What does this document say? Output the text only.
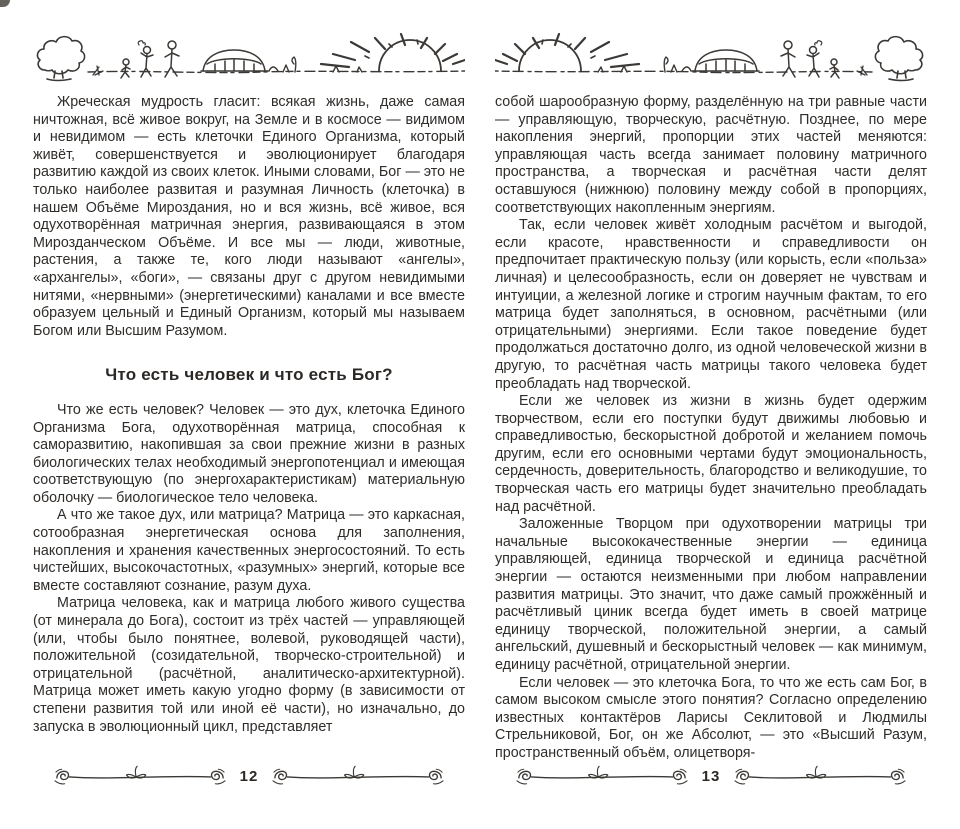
Жреческая мудрость гласит: всякая жизнь, даже самая ничтожная, всё живое вокруг, на Земле и в космосе — видимом и невидимом — есть клеточки Единого Организма, который живёт, совершенствуется и эволюционирует благодаря развитию каждой из своих клеток. Иными словами, Бог — это не только наиболее развитая и разумная Личность (клеточка) в нашем Объёме Мироздания, но и вся жизнь, всё живое, вся одухотворённая матричная энергия, развивающаяся в этом Мирозданческом Объёме. И все мы — люди, животные, растения, а также те, кого люди называют «ангелы», «архангелы», «боги», — связаны друг с другом невидимыми нитями, «нервными» (энергетическими) каналами и все вместе образуем цельный и Единый Организм, который мы называем Богом или Высшим Разумом.

Что есть человек и что есть Бог?

Что же есть человек? Человек — это дух, клеточка Единого Организма Бога, одухотворённая матрица, способная к саморазвитию, накопившая за свои прежние жизни в разных биологических телах необходимый энергопотенциал и имеющая соответствующую (по энергохарактеристикам) материальную оболочку — биологическое тело человека.

А что же такое дух, или матрица? Матрица — это каркасная, сотообразная энергетическая основа для заполнения, накопления и хранения качественных энергосостояний. То есть чистейших, высокочастотных, «разумных» энергий, которые все вместе составляют сознание, разум духа.

Матрица человека, как и матрица любого живого существа (от минерала до Бога), состоит из трёх частей — управляющей (или, чтобы было понятнее, волевой, руководящей части), положительной (созидательной, творческо-строительной) и отрицательной (расчётной, аналитическо-архитектурной). Матрица может иметь какую угодно форму (в зависимости от степени развития той или иной её части), но изначально, до запуска в эволюционный цикл, представляет

12

собой шарообразную форму, разделённую на три равные части — управляющую, творческую, расчётную. Позднее, по мере накопления энергий, пропорции этих частей меняются: управляющая часть всегда занимает половину матричного пространства, а творческая и расчётная части делят оставшуюся (нижнюю) половину между собой в пропорциях, соответствующих накопленным энергиям.

Так, если человек живёт холодным расчётом и выгодой, если красоте, нравственности и справедливости он предпочитает практическую пользу (или корысть, если «польза» личная) и целесообразность, если он доверяет не чувствам и интуиции, а железной логике и строгим научным фактам, то его матрица будет заполняться, в основном, расчётными (или отрицательными) энергиями. Если такое поведение будет продолжаться достаточно долго, из одной человеческой жизни в другую, то расчётная часть матрицы такого человека будет преобладать над творческой.

Если же человек из жизни в жизнь будет одержим творчеством, если его поступки будут движимы любовью и справедливостью, бескорыстной добротой и желанием помочь другим, если его основными чертами будут эмоциональность, сердечность, доверительность, благородство и великодушие, то творческая часть его матрицы будет значительно преобладать над расчётной.

Заложенные Творцом при одухотворении матрицы три начальные высококачественные энергии — единица управляющей, единица творческой и единица расчётной энергии — остаются неизменными при любом направлении развития матрицы. Это значит, что даже самый прожжённый и расчётливый циник всегда будет иметь в своей матрице единицу творческой, положительной энергии, а самый ангельский, душевный и бескорыстный человек — как минимум, единицу расчётной, отрицательной энергии.

Если человек — это клеточка Бога, то что же есть сам Бог, в самом высоком смысле этого понятия? Согласно определению известных контактёров Ларисы Секлитовой и Людмилы Стрельниковой, Бог, он же Абсолют, — это «Высший Разум, пространственный объём, олицетворя-

13
